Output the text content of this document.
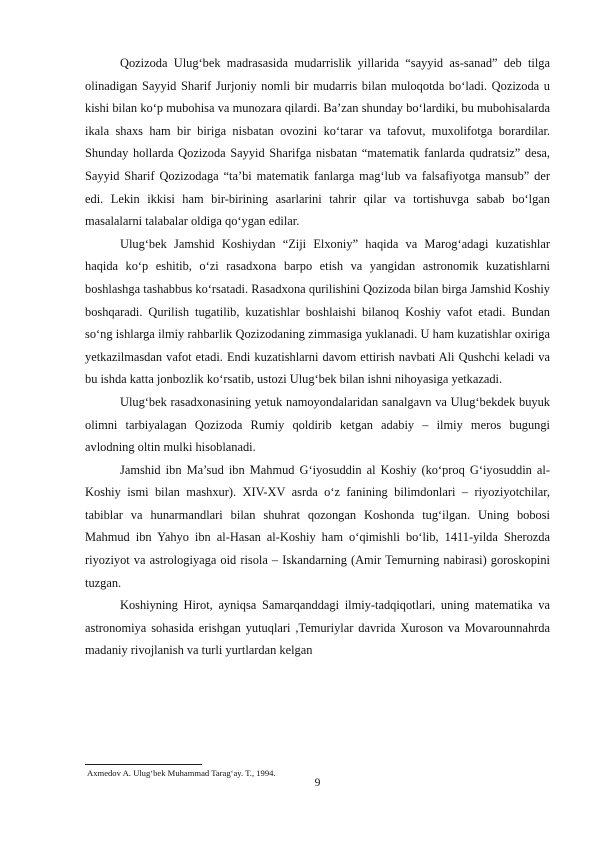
Qozizoda Ulug‘bek madrasasida mudarrislik yillarida “sayyid as-sanad” deb tilga olinadigan Sayyid Sharif Jurjoniy nomli bir mudarris bilan muloqotda bo‘ladi. Qozizoda u kishi bilan ko‘p mubohisa va munozara qilardi. Ba’zan shunday bo‘lardiki, bu mubohisalarda ikala shaxs ham bir biriga nisbatan ovozini ko‘tarar va tafovut, muxolifotga borardilar. Shunday hollarda Qozizoda Sayyid Sharifga nisbatan “matematik fanlarda qudratsiz” desa, Sayyid Sharif Qozizodaga “ta’bi matematik fanlarga mag‘lub va falsafiyotga mansub” der edi. Lekin ikkisi ham bir-birining asarlarini tahrir qilar va tortishuvga sabab bo‘lgan masalalarni talabalar oldiga qo‘ygan edilar.

Ulug‘bek Jamshid Koshiydan “Ziji Elxoniy” haqida va Marog‘adagi kuzatishlar haqida ko‘p eshitib, o‘zi rasadxona barpo etish va yangidan astronomik kuzatishlarni boshlashga tashabbus ko‘rsatadi. Rasadxona qurilishini Qozizoda bilan birga Jamshid Koshiy boshqaradi. Qurilish tugatilib, kuzatishlar boshlaishi bilanoq Koshiy vafot etadi. Bundan so‘ng ishlarga ilmiy rahbarlik Qozizodaning zimmasiga yuklanadi. U ham kuzatishlar oxiriga yetkazilmasdan vafot etadi. Endi kuzatishlarni davom ettirish navbati Ali Qushchi keladi va bu ishda katta jonbozlik ko‘rsatib, ustozi Ulug‘bek bilan ishni nihoyasiga yetkazadi.

Ulug‘bek rasadxonasining yetuk namoyondalaridan sanalgavn va Ulug‘bekdek buyuk olimni tarbiyalagan Qozizoda Rumiy qoldirib ketgan adabiy – ilmiy meros bugungi avlodning oltin mulki hisoblanadi.

Jamshid ibn Ma’sud ibn Mahmud G‘iyosuddin al Koshiy (ko‘proq G‘iyosuddin al-Koshiy ismi bilan mashxur). XIV-XV asrda o‘z fanining bilimdonlari – riyoziyotchilar, tabiblar va hunarmandlari bilan shuhrat qozongan Koshonda tug‘ilgan. Uning bobosi Mahmud ibn Yahyo ibn al-Hasan al-Koshiy ham o‘qimishli bo‘lib, 1411-yilda Sherozda riyoziyot va astrologiyaga oid risola – Iskandarning (Amir Temurning nabirasi) goroskopini tuzgan.

Koshiyning Hirot, ayniqsa Samarqanddagi ilmiy-tadqiqotlari, uning matematika va astronomiya sohasida erishgan yutuqlari ,Temuriylar davrida Xuroson va Movarounnahrda madaniy rivojlanish va turli yurtlardan kelgan

Axmedov A. Ulug‘bek Muhammad Tarag‘ay. T., 1994.
9
